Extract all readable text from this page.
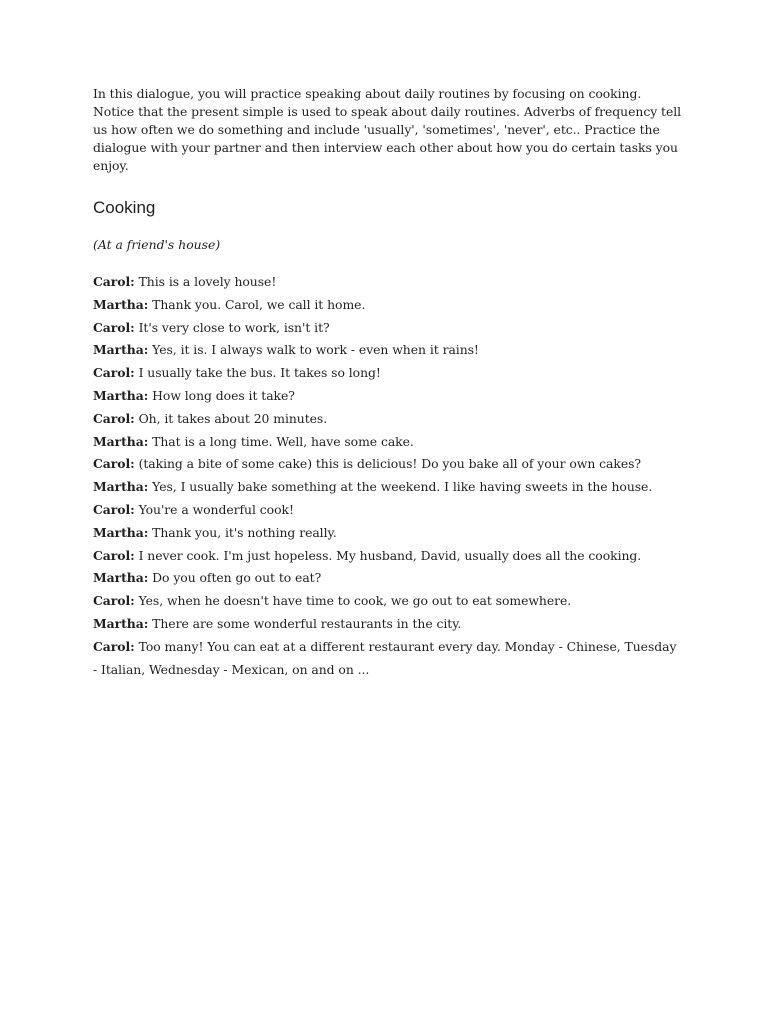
In this dialogue, you will practice speaking about daily routines by focusing on cooking. Notice that the present simple is used to speak about daily routines. Adverbs of frequency tell us how often we do something and include 'usually', 'sometimes', 'never', etc.. Practice the dialogue with your partner and then interview each other about how you do certain tasks you enjoy.

Cooking

(At a friend's house)

Carol: This is a lovely house!
Martha: Thank you. Carol, we call it home.
Carol: It's very close to work, isn't it?
Martha: Yes, it is. I always walk to work - even when it rains!
Carol: I usually take the bus. It takes so long!
Martha: How long does it take?
Carol: Oh, it takes about 20 minutes.
Martha: That is a long time. Well, have some cake.
Carol: (taking a bite of some cake) this is delicious! Do you bake all of your own cakes?
Martha: Yes, I usually bake something at the weekend. I like having sweets in the house.
Carol: You're a wonderful cook!
Martha: Thank you, it's nothing really.
Carol: I never cook. I'm just hopeless. My husband, David, usually does all the cooking.
Martha: Do you often go out to eat?
Carol: Yes, when he doesn't have time to cook, we go out to eat somewhere.
Martha: There are some wonderful restaurants in the city.
Carol: Too many! You can eat at a different restaurant every day. Monday - Chinese, Tuesday - Italian, Wednesday - Mexican, on and on ...
